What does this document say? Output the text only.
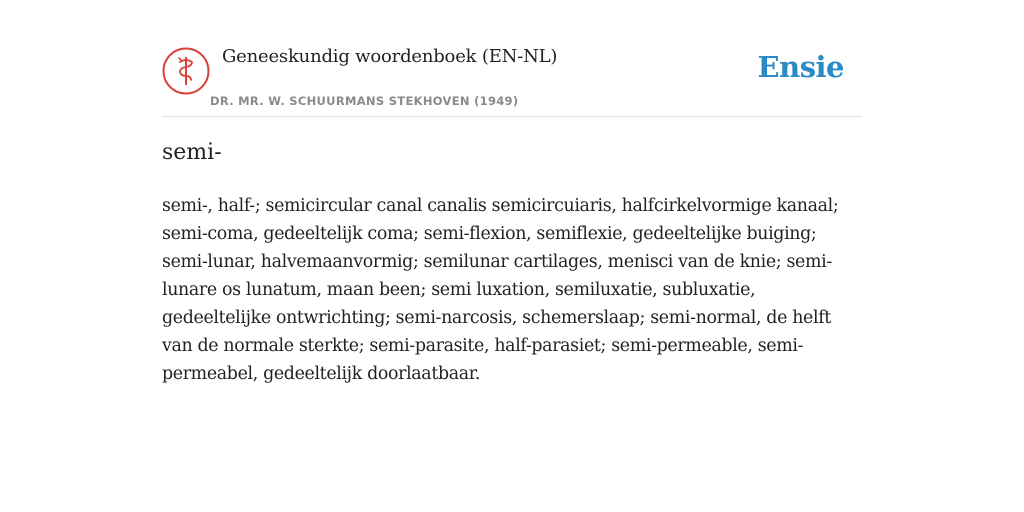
Geneeskundig woordenboek (EN-NL)
DR. MR. W. SCHUURMANS STEKHOVEN (1949)
Ensie
semi-

semi-, half-; semicircular canal canalis semicircuiaris, halfcirkelvormige kanaal; semi-coma, gedeeltelijk coma; semi-flexion, semiflexie, gedeeltelijke buiging; semi-lunar, halvemaanvormig; semilunar cartilages, menisci van de knie; semi-lunare os lunatum, maan been; semi luxation, semiluxatie, subluxatie, gedeeltelijke ontwrichting; semi-narcosis, schemerslaap; semi-normal, de helft van de normale sterkte; semi-parasite, half-parasiet; semi-permeable, semi-permeabel, gedeeltelijk doorlaatbaar.
